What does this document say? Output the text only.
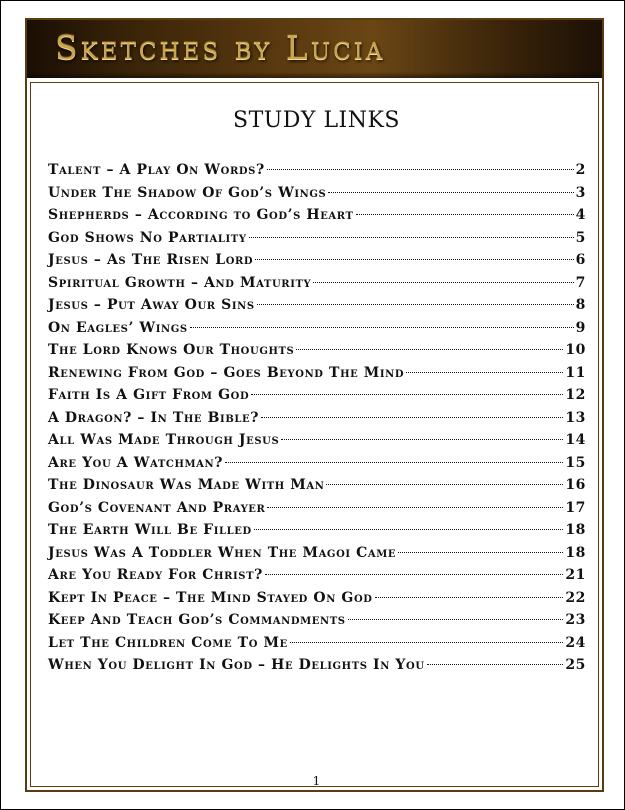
Sketches by Lucia
STUDY LINKS
Talent – A Play On Words?	2
Under The Shadow Of God’s Wings	3
Shepherds – According to God’s Heart	4
God Shows No Partiality	5
Jesus – As The Risen Lord	6
Spiritual Growth – And Maturity	7
Jesus – Put Away Our Sins	8
On Eagles’ Wings	9
The Lord Knows Our Thoughts	10
Renewing From God – Goes Beyond The Mind	11
Faith Is A Gift From God	12
A Dragon? – In The Bible?	13
All Was Made Through Jesus	14
Are You A Watchman?	15
The Dinosaur Was Made With Man	16
God’s Covenant And Prayer	17
The Earth Will Be Filled	18
Jesus Was A Toddler When The Magoi Came	18
Are You Ready For Christ?	21
Kept In Peace – The Mind Stayed On God	22
Keep And Teach God’s Commandments	23
Let The Children Come To Me	24
When You Delight In God – He Delights In You	25
1
